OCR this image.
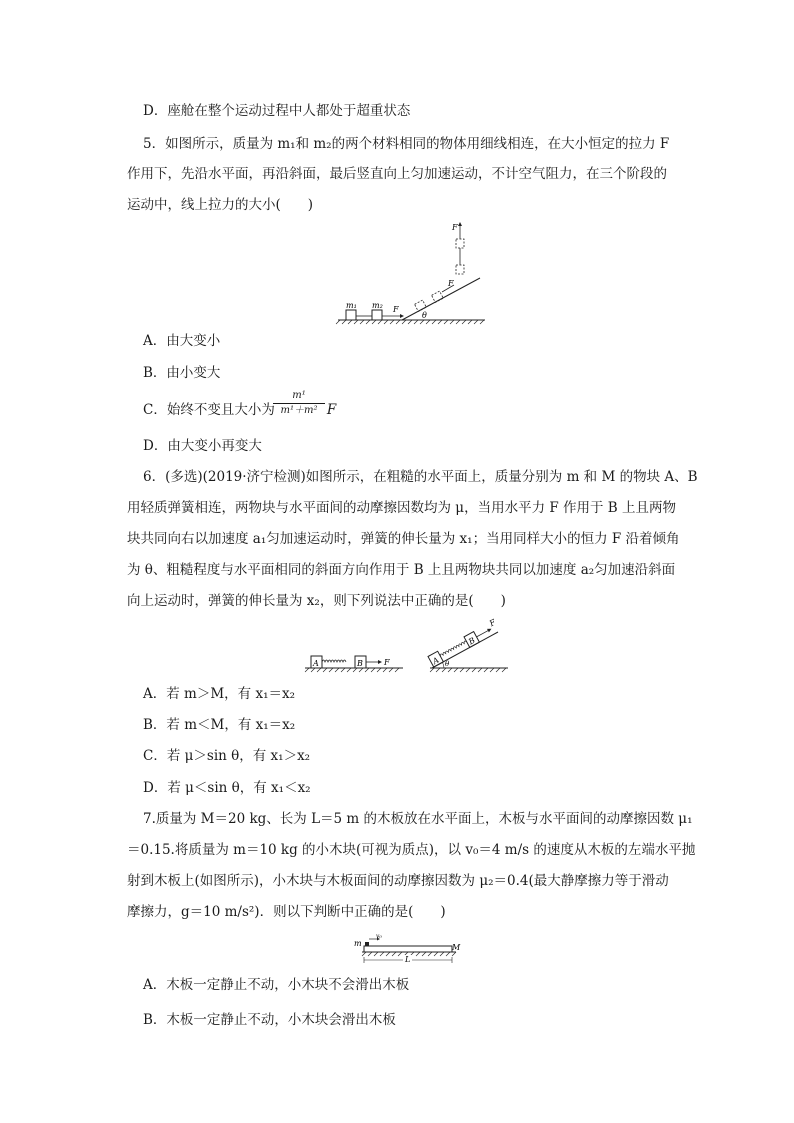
D．座舱在整个运动过程中人都处于超重状态
5．如图所示，质量为 m₁和 m₂的两个材料相同的物体用细线相连，在大小恒定的拉力 F
作用下，先沿水平面，再沿斜面，最后竖直向上匀加速运动，不计空气阻力，在三个阶段的
运动中，线上拉力的大小(　　)
m₁ m₂ F
θ
F
F
A．由大变小
B．由小变大
C．始终不变且大小为	F
m¹
m¹＋m²
D．由大变小再变大
6．(多选)(2019·济宁检测)如图所示，在粗糙的水平面上，质量分别为 m 和 M 的物块 A、B
用轻质弹簧相连，两物块与水平面间的动摩擦因数均为 μ，当用水平力 F 作用于 B 上且两物
块共同向右以加速度 a₁匀加速运动时，弹簧的伸长量为 x₁；当用同样大小的恒力 F 沿着倾角
为 θ、粗糙程度与水平面相同的斜面方向作用于 B 上且两物块共同以加速度 a₂匀加速沿斜面
向上运动时，弹簧的伸长量为 x₂，则下列说法中正确的是(　　)
A	B	F	A
B
F
θ
A．若 m＞M，有 x₁＝x₂
B．若 m＜M，有 x₁＝x₂
C．若 μ＞sin θ，有 x₁＞x₂
D．若 μ＜sin θ，有 x₁＜x₂
7.质量为 M＝20 kg、长为 L＝5 m 的木板放在水平面上，木板与水平面间的动摩擦因数 μ₁
＝0.15.将质量为 m＝10 kg 的小木块(可视为质点)，以 v₀＝4 m/s 的速度从木板的左端水平抛
射到木板上(如图所示)，小木块与木板面间的动摩擦因数为 μ₂＝0.4(最大静摩擦力等于滑动
摩擦力，g＝10 m/s²)．则以下判断中正确的是(　　)
m
v₀
M
L
A．木板一定静止不动，小木块不会滑出木板
B．木板一定静止不动，小木块会滑出木板
